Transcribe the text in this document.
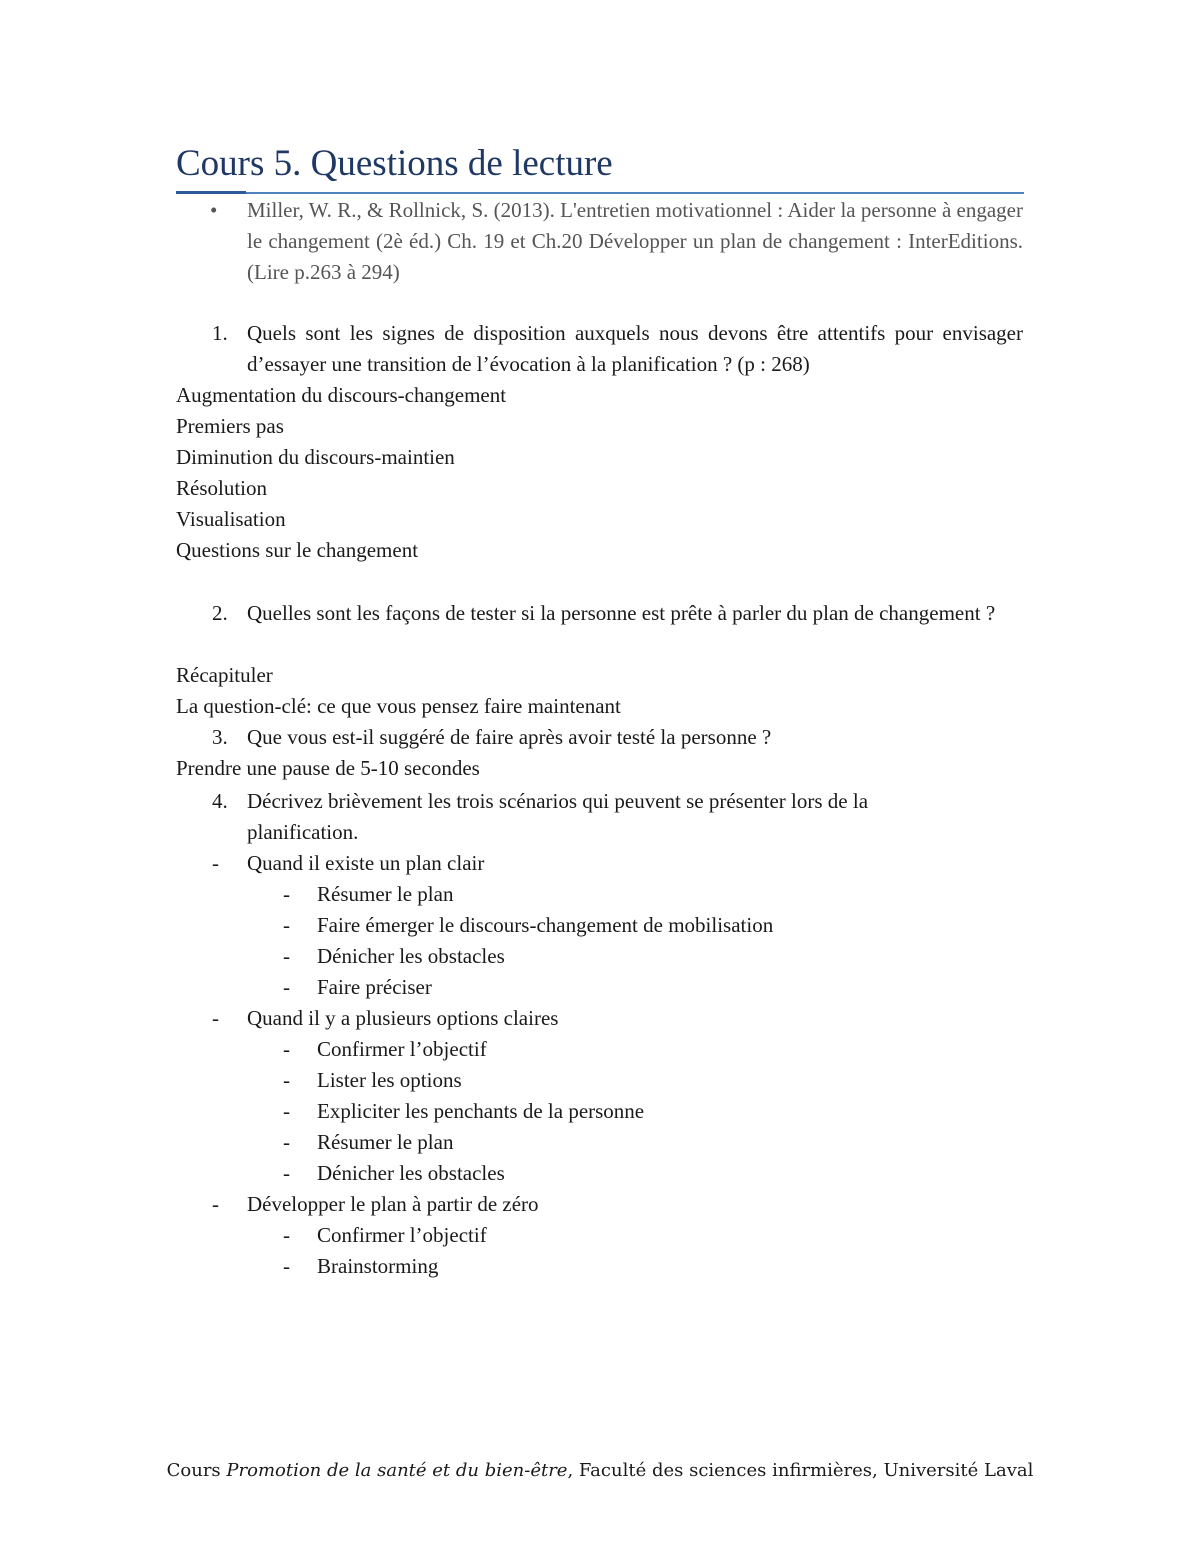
Cours 5. Questions de lecture
• Miller, W. R., & Rollnick, S. (2013). L'entretien motivationnel : Aider la personne à engager le changement (2è éd.) Ch. 19 et Ch.20 Développer un plan de changement : InterEditions. (Lire p.263 à 294)
1. Quels sont les signes de disposition auxquels nous devons être attentifs pour envisager d’essayer une transition de l’évocation à la planification ? (p : 268)
Augmentation du discours-changement
Premiers pas
Diminution du discours-maintien
Résolution
Visualisation
Questions sur le changement
2. Quelles sont les façons de tester si la personne est prête à parler du plan de changement ?
Récapituler
La question-clé: ce que vous pensez faire maintenant
3. Que vous est-il suggéré de faire après avoir testé la personne ?
Prendre une pause de 5-10 secondes
4. Décrivez brièvement les trois scénarios qui peuvent se présenter lors de la planification.
- Quand il existe un plan clair
- Résumer le plan
- Faire émerger le discours-changement de mobilisation
- Dénicher les obstacles
- Faire préciser
- Quand il y a plusieurs options claires
- Confirmer l’objectif
- Lister les options
- Expliciter les penchants de la personne
- Résumer le plan
- Dénicher les obstacles
- Développer le plan à partir de zéro
- Confirmer l’objectif
- Brainstorming
Cours Promotion de la santé et du bien-être, Faculté des sciences infirmières, Université Laval
